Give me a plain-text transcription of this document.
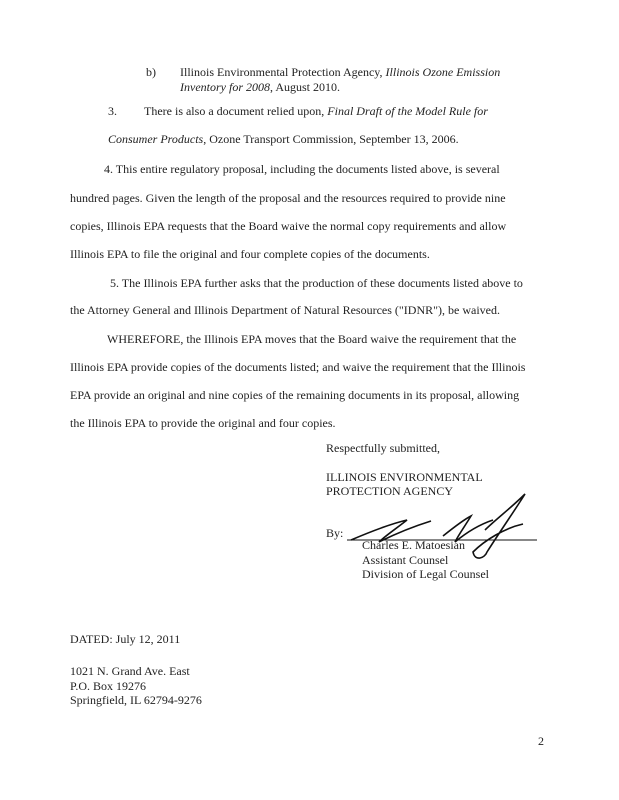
b) Illinois Environmental Protection Agency, Illinois Ozone Emission
Inventory for 2008, August 2010.
3. There is also a document relied upon, Final Draft of the Model Rule for
Consumer Products, Ozone Transport Commission, September 13, 2006.
4. This entire regulatory proposal, including the documents listed above, is several
hundred pages. Given the length of the proposal and the resources required to provide nine
copies, Illinois EPA requests that the Board waive the normal copy requirements and allow
Illinois EPA to file the original and four complete copies of the documents.
5. The Illinois EPA further asks that the production of these documents listed above to
the Attorney General and Illinois Department of Natural Resources ("IDNR"), be waived.
WHEREFORE, the Illinois EPA moves that the Board waive the requirement that the
Illinois EPA provide copies of the documents listed; and waive the requirement that the Illinois
EPA provide an original and nine copies of the remaining documents in its proposal, allowing
the Illinois EPA to provide the original and four copies.
Respectfully submitted,
ILLINOIS ENVIRONMENTAL
PROTECTION AGENCY
By:
Charles E. Matoesian
Assistant Counsel
Division of Legal Counsel
DATED: July 12, 2011
1021 N. Grand Ave. East
P.O. Box 19276
Springfield, IL 62794-9276
2
